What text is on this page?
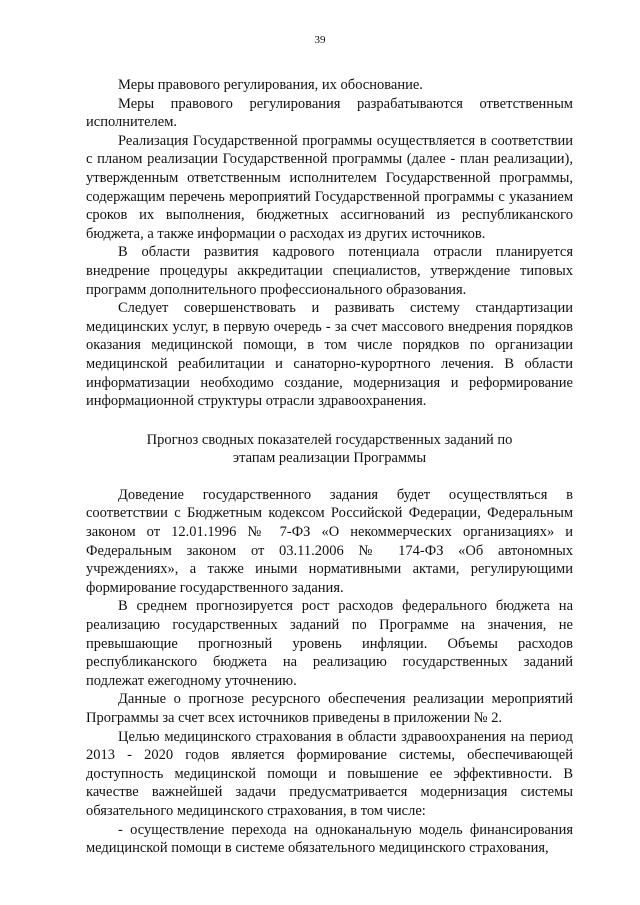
39

Меры правового регулирования, их обоснование.

Меры правового регулирования разрабатываются ответственным исполнителем.

Реализация Государственной программы осуществляется в соответствии с планом реализации Государственной программы (далее - план реализации), утвержденным ответственным исполнителем Государственной программы, содержащим перечень мероприятий Государственной программы с указанием сроков их выполнения, бюджетных ассигнований из республиканского бюджета, а также информации о расходах из других источников.

В области развития кадрового потенциала отрасли планируется внедрение процедуры аккредитации специалистов, утверждение типовых программ дополнительного профессионального образования.

Следует совершенствовать и развивать систему стандартизации медицинских услуг, в первую очередь - за счет массового внедрения порядков оказания медицинской помощи, в том числе порядков по организации медицинской реабилитации и санаторно-курортного лечения. В области информатизации необходимо создание, модернизация и реформирование информационной структуры отрасли здравоохранения.

Прогноз сводных показателей государственных заданий по этапам реализации Программы

Доведение государственного задания будет осуществляться в соответствии с Бюджетным кодексом Российской Федерации, Федеральным законом от 12.01.1996 № 7-ФЗ «О некоммерческих организациях» и Федеральным законом от 03.11.2006 № 174-ФЗ «Об автономных учреждениях», а также иными нормативными актами, регулирующими формирование государственного задания.

В среднем прогнозируется рост расходов федерального бюджета на реализацию государственных заданий по Программе на значения, не превышающие прогнозный уровень инфляции. Объемы расходов республиканского бюджета на реализацию государственных заданий подлежат ежегодному уточнению.

Данные о прогнозе ресурсного обеспечения реализации мероприятий Программы за счет всех источников приведены в приложении № 2.

Целью медицинского страхования в области здравоохранения на период 2013 - 2020 годов является формирование системы, обеспечивающей доступность медицинской помощи и повышение ее эффективности. В качестве важнейшей задачи предусматривается модернизация системы обязательного медицинского страхования, в том числе:

- осуществление перехода на одноканальную модель финансирования медицинской помощи в системе обязательного медицинского страхования,
